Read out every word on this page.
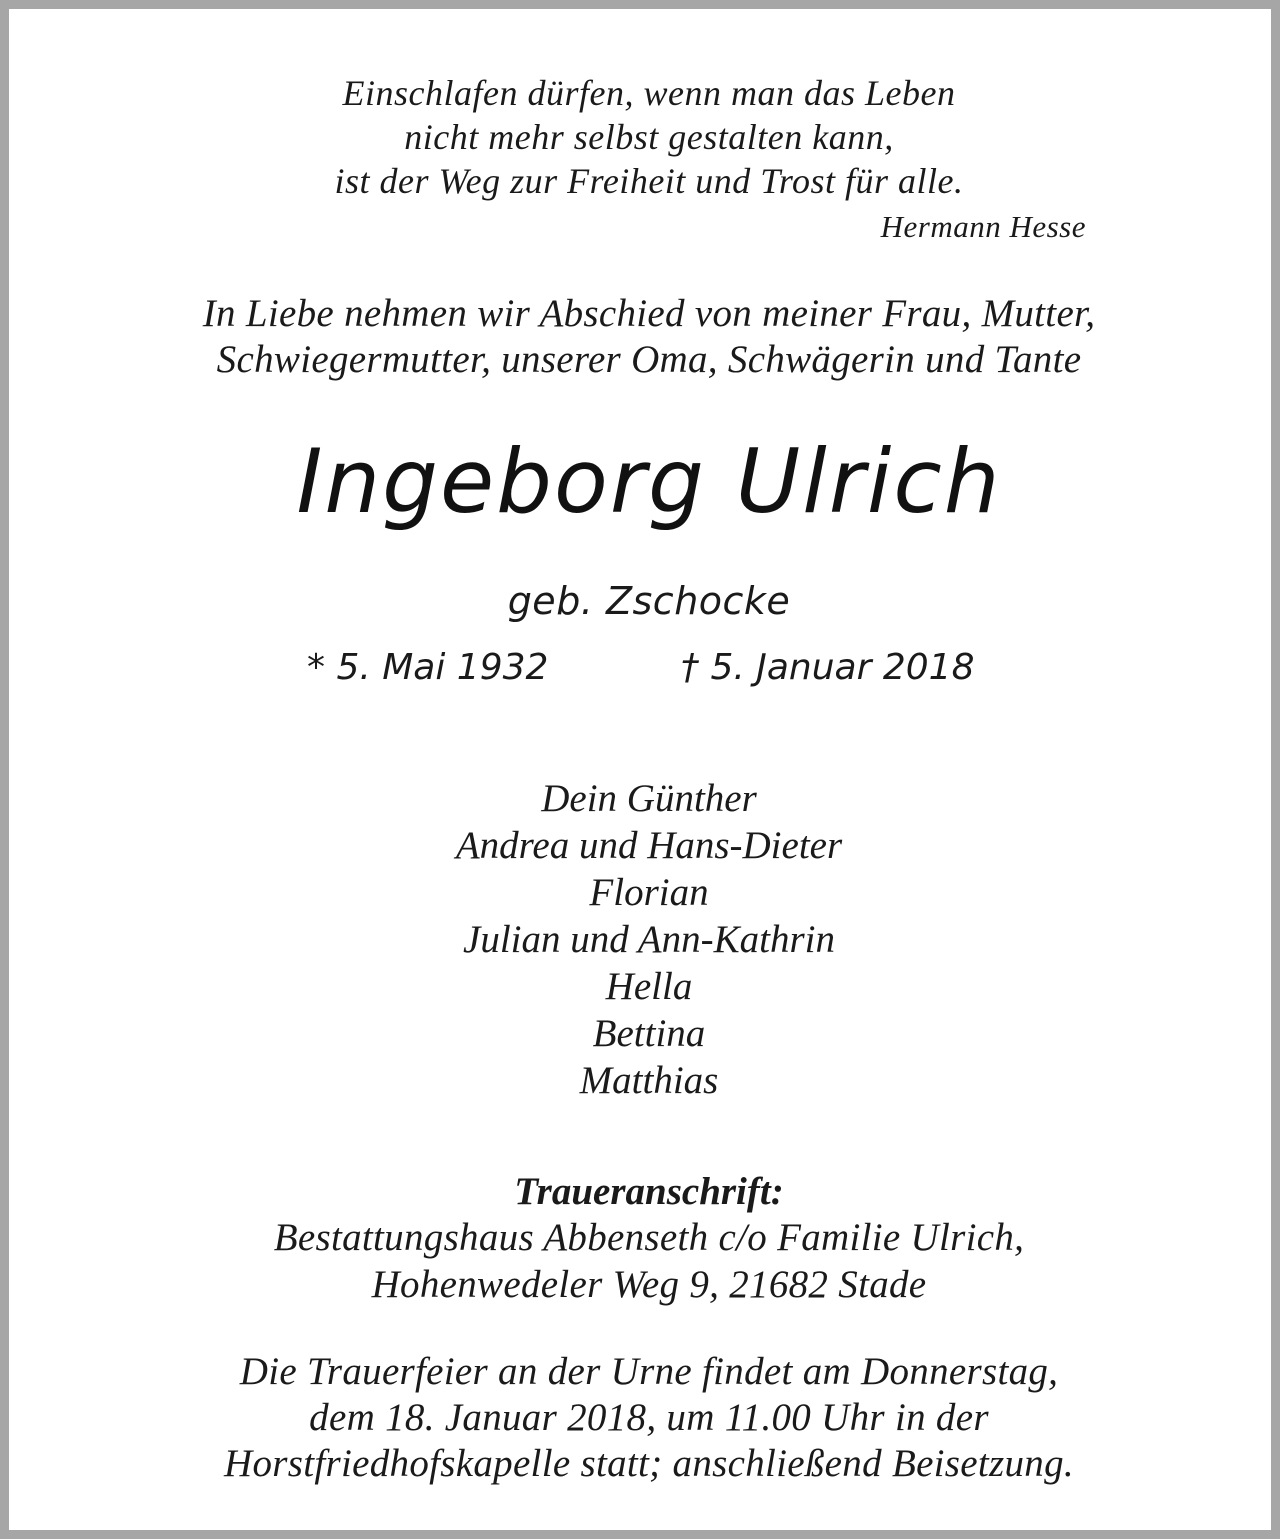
Einschlafen dürfen, wenn man das Leben
nicht mehr selbst gestalten kann,
ist der Weg zur Freiheit und Trost für alle.
Hermann Hesse
In Liebe nehmen wir Abschied von meiner Frau, Mutter,
Schwiegermutter, unserer Oma, Schwägerin und Tante
Ingeborg Ulrich
geb. Zschocke
* 5. Mai 1932	† 5. Januar 2018
Dein Günther
Andrea und Hans-Dieter
Florian
Julian und Ann-Kathrin
Hella
Bettina
Matthias
Traueranschrift:
Bestattungshaus Abbenseth c/o Familie Ulrich,
Hohenwedeler Weg 9, 21682 Stade
Die Trauerfeier an der Urne findet am Donnerstag,
dem 18. Januar 2018, um 11.00 Uhr in der
Horstfriedhofskapelle statt; anschließend Beisetzung.
